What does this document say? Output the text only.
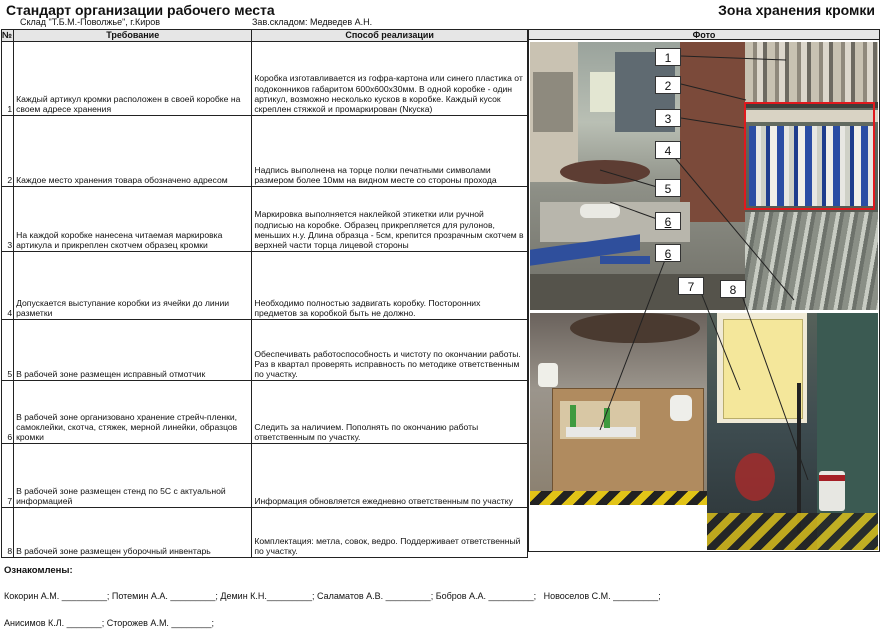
Стандарт организации рабочего места	Зона хранения кромки
Склад "Т.Б.М.-Поволжье", г.Киров	Зав.складом: Медведев А.Н.
№	Требование	Способ реализации
1	Каждый артикул кромки расположен в своей коробке на своем адресе хранения	Коробка изготавливается из гофра-картона или синего пластика от подоконников габаритом 600х600х30мм. В одной коробке - один артикул, возможно несколько кусков в коробке. Каждый кусок скреплен стяжкой и промаркирован (Nкуска)
2	Каждое место хранения товара обозначено адресом	Надпись выполнена на торце полки печатными символами размером более 10мм на видном месте со стороны прохода
3	На каждой коробке нанесена читаемая маркировка артикула и прикреплен скотчем образец кромки	Маркировка выполняется наклейкой этикетки или ручной подписью на коробке. Образец прикрепляется для рулонов, меньших н.у. Длина образца - 5см, крепится прозрачным скотчем в верхней части торца лицевой стороны
4	Допускается выступание коробки из ячейки до линии разметки	Необходимо полностью задвигать коробку. Посторонних предметов за коробкой быть не должно.
5	В рабочей зоне размещен исправный отмотчик	Обеспечивать работоспособность и чистоту по окончании работы. Раз в квартал проверять исправность по методике ответственным по участку.
6	В рабочей зоне организовано хранение стрейч-пленки, самоклейки, скотча, стяжек, мерной линейки, образцов кромки	Следить за наличием. Пополнять по окончанию работы ответственным по участку.
7	В рабочей зоне размещен стенд по 5С с актуальной информацией	Информация обновляется ежедневно ответственным по участку
8	В рабочей зоне размещен уборочный инвентарь	Комплектация: метла, совок, ведро. Поддерживает ответственный по участку.
Фото
1
2
3
4
5
6
6
7	8
Ознакомлены:
Кокорин А.М. _________; Потемин А.А. _________; Демин К.Н._________; Саламатов А.В. _________; Бобров А.А. _________;   Новоселов С.М. _________;
Анисимов К.Л. _______; Сторожев А.М. ________;
